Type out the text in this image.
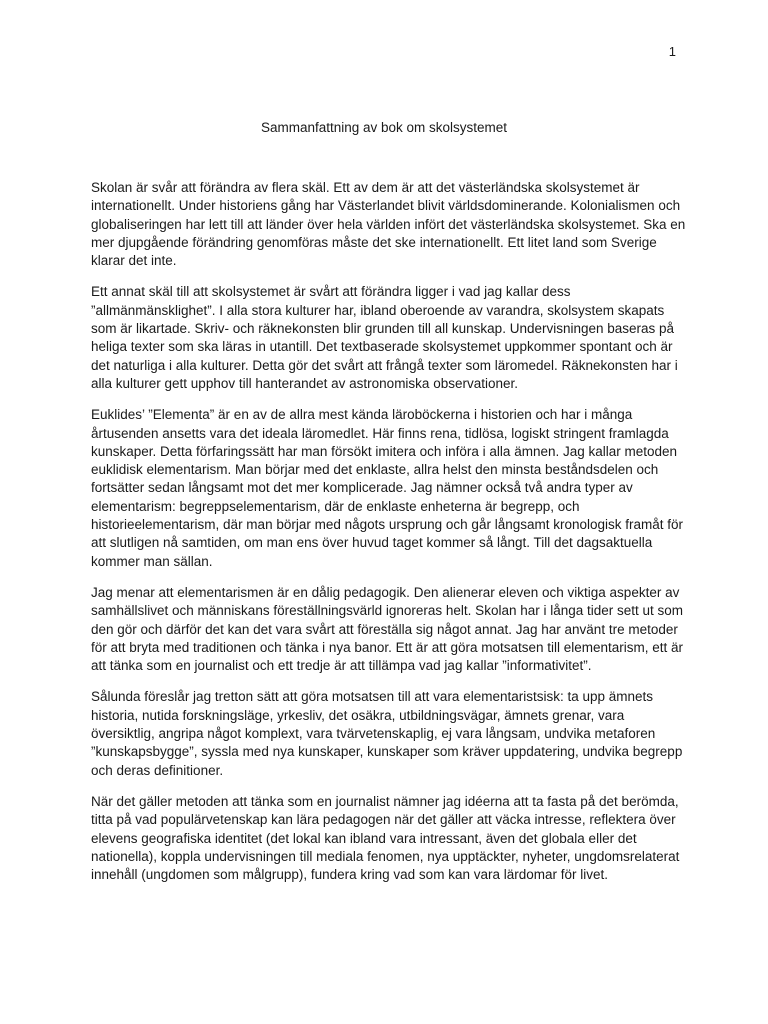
1
Sammanfattning av bok om skolsystemet

Skolan är svår att förändra av flera skäl. Ett av dem är att det västerländska skolsystemet är internationellt. Under historiens gång har Västerlandet blivit världsdominerande. Kolonialismen och globaliseringen har lett till att länder över hela världen infört det västerländska skolsystemet. Ska en mer djupgående förändring genomföras måste det ske internationellt. Ett litet land som Sverige klarar det inte.

Ett annat skäl till att skolsystemet är svårt att förändra ligger i vad jag kallar dess ”allmänmänsklighet”. I alla stora kulturer har, ibland oberoende av varandra, skolsystem skapats som är likartade. Skriv- och räknekonsten blir grunden till all kunskap. Undervisningen baseras på heliga texter som ska läras in utantill. Det textbaserade skolsystemet uppkommer spontant och är det naturliga i alla kulturer. Detta gör det svårt att frångå texter som läromedel. Räknekonsten har i alla kulturer gett upphov till hanterandet av astronomiska observationer.

Euklides’ ”Elementa” är en av de allra mest kända läroböckerna i historien och har i många årtusenden ansetts vara det ideala läromedlet. Här finns rena, tidlösa, logiskt stringent framlagda kunskaper. Detta förfaringssätt har man försökt imitera och införa i alla ämnen. Jag kallar metoden euklidisk elementarism. Man börjar med det enklaste, allra helst den minsta beståndsdelen och fortsätter sedan långsamt mot det mer komplicerade. Jag nämner också två andra typer av elementarism: begreppselementarism, där de enklaste enheterna är begrepp, och historieelementarism, där man börjar med någots ursprung och går långsamt kronologisk framåt för att slutligen nå samtiden, om man ens över huvud taget kommer så långt. Till det dagsaktuella kommer man sällan.

Jag menar att elementarismen är en dålig pedagogik. Den alienerar eleven och viktiga aspekter av samhällslivet och människans föreställningsvärld ignoreras helt. Skolan har i långa tider sett ut som den gör och därför det kan det vara svårt att föreställa sig något annat. Jag har använt tre metoder för att bryta med traditionen och tänka i nya banor. Ett är att göra motsatsen till elementarism, ett är att tänka som en journalist och ett tredje är att tillämpa vad jag kallar ”informativitet”.

Sålunda föreslår jag tretton sätt att göra motsatsen till att vara elementaristsisk: ta upp ämnets historia, nutida forskningsläge, yrkesliv, det osäkra, utbildningsvägar, ämnets grenar, vara översiktlig, angripa något komplext, vara tvärvetenskaplig, ej vara långsam, undvika metaforen ”kunskapsbygge”, syssla med nya kunskaper, kunskaper som kräver uppdatering, undvika begrepp och deras definitioner.

När det gäller metoden att tänka som en journalist nämner jag idéerna att ta fasta på det berömda, titta på vad populärvetenskap kan lära pedagogen när det gäller att väcka intresse, reflektera över elevens geografiska identitet (det lokal kan ibland vara intressant, även det globala eller det nationella), koppla undervisningen till mediala fenomen, nya upptäckter, nyheter, ungdomsrelaterat innehåll (ungdomen som målgrupp), fundera kring vad som kan vara lärdomar för livet.
